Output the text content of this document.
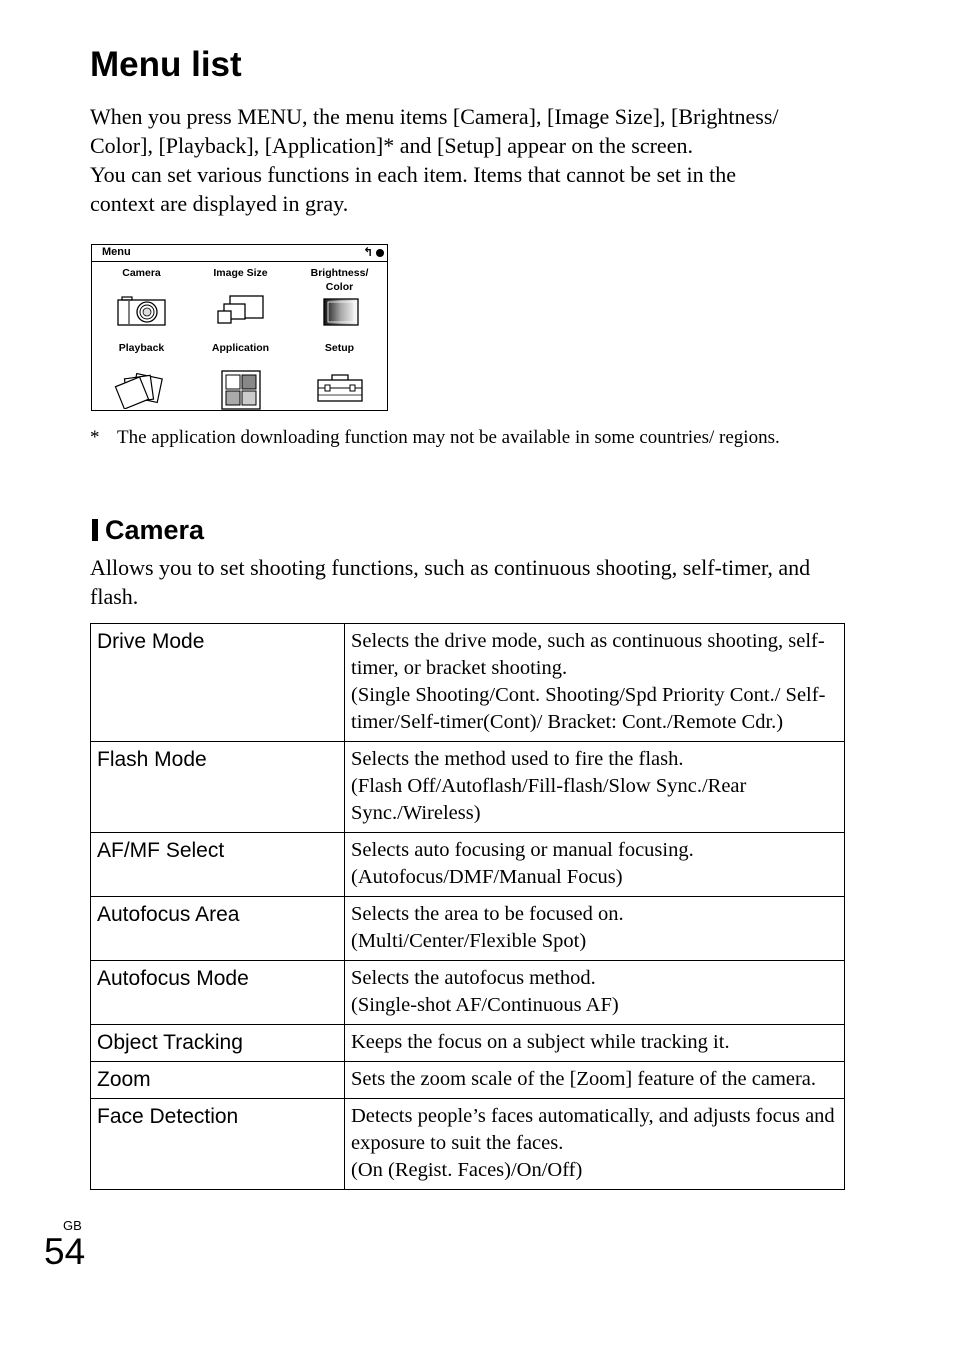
Menu list

When you press MENU, the menu items [Camera], [Image Size], [Brightness/
Color], [Playback], [Application]* and [Setup] appear on the screen.
You can set various functions in each item. Items that cannot be set in the
context are displayed in gray.

Menu	↰
Camera	Image Size	Brightness/
Color
Playback	Application	Setup
* The application downloading function may not be available in some countries/ regions.
Camera

Allows you to set shooting functions, such as continuous shooting, self-timer, and flash.

Drive Mode	Selects the drive mode, such as continuous shooting, self-timer, or bracket shooting.
(Single Shooting/Cont. Shooting/Spd Priority Cont./ Self-timer/Self-timer(Cont)/ Bracket: Cont./Remote Cdr.)

Flash Mode	Selects the method used to fire the flash.
(Flash Off/Autoflash/Fill-flash/Slow Sync./Rear Sync./Wireless)

AF/MF Select	Selects auto focusing or manual focusing.
(Autofocus/DMF/Manual Focus)

Autofocus Area	Selects the area to be focused on.
(Multi/Center/Flexible Spot)

Autofocus Mode	Selects the autofocus method.
(Single-shot AF/Continuous AF)

Object Tracking	Keeps the focus on a subject while tracking it.

Zoom	Sets the zoom scale of the [Zoom] feature of the camera.

Face Detection	Detects people’s faces automatically, and adjusts focus and exposure to suit the faces.
(On (Regist. Faces)/On/Off)
GB
54
